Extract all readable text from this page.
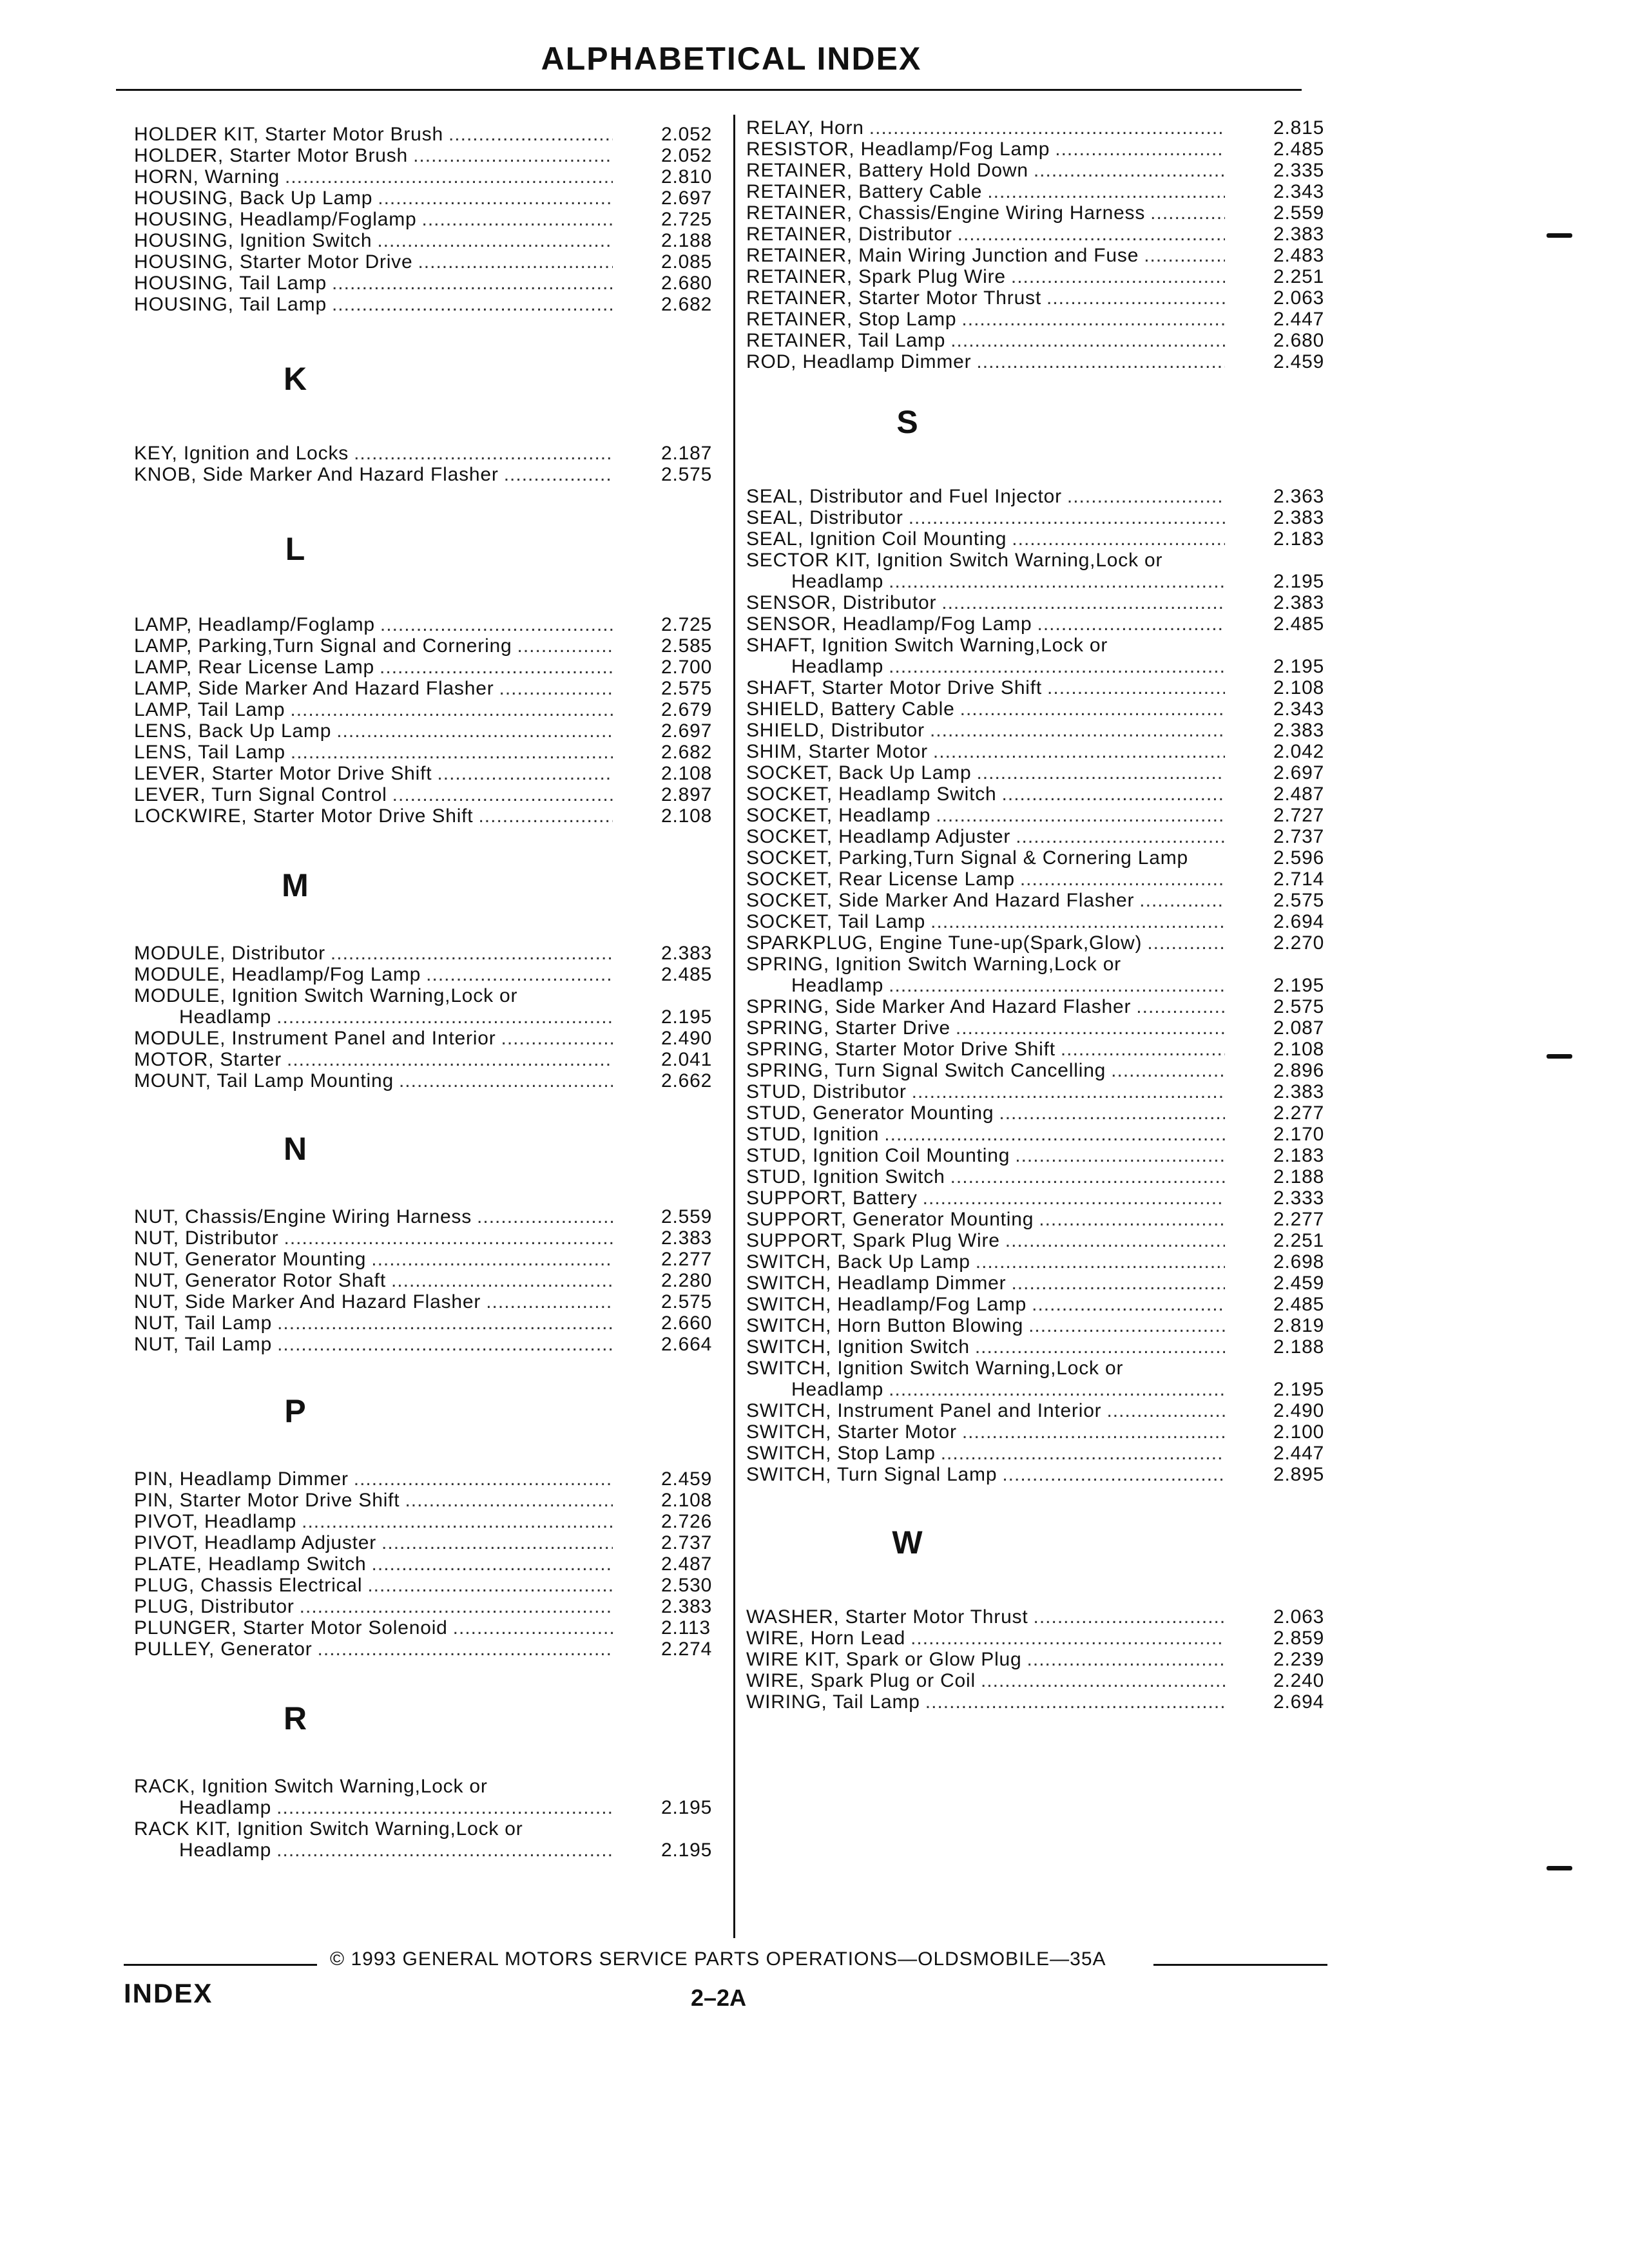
ALPHABETICAL INDEX
HOLDER KIT, Starter Motor Brush .....	2.052
HOLDER, Starter Motor Brush .....	2.052
HORN, Warning .....	2.810
HOUSING, Back Up Lamp .....	2.697
HOUSING, Headlamp/Foglamp .....	2.725
HOUSING, Ignition Switch .....	2.188
HOUSING, Starter Motor Drive .....	2.085
HOUSING, Tail Lamp .....	2.680
HOUSING, Tail Lamp .....	2.682
K
KEY, Ignition and Locks .....	2.187
KNOB, Side Marker And Hazard Flasher .....	2.575
L
LAMP, Headlamp/Foglamp .....	2.725
LAMP, Parking,Turn Signal and Cornering .....	2.585
LAMP, Rear License Lamp .....	2.700
LAMP, Side Marker And Hazard Flasher .....	2.575
LAMP, Tail Lamp .....	2.679
LENS, Back Up Lamp .....	2.697
LENS, Tail Lamp .....	2.682
LEVER, Starter Motor Drive Shift .....	2.108
LEVER, Turn Signal Control .....	2.897
LOCKWIRE, Starter Motor Drive Shift .....	2.108
M
MODULE, Distributor .....	2.383
MODULE, Headlamp/Fog Lamp .....	2.485
MODULE, Ignition Switch Warning,Lock or
Headlamp .....	2.195
MODULE, Instrument Panel and Interior .....	2.490
MOTOR, Starter .....	2.041
MOUNT, Tail Lamp Mounting .....	2.662
N
NUT, Chassis/Engine Wiring Harness .....	2.559
NUT, Distributor .....	2.383
NUT, Generator Mounting .....	2.277
NUT, Generator Rotor Shaft .....	2.280
NUT, Side Marker And Hazard Flasher .....	2.575
NUT, Tail Lamp .....	2.660
NUT, Tail Lamp .....	2.664
P
PIN, Headlamp Dimmer .....	2.459
PIN, Starter Motor Drive Shift .....	2.108
PIVOT, Headlamp .....	2.726
PIVOT, Headlamp Adjuster .....	2.737
PLATE, Headlamp Switch .....	2.487
PLUG, Chassis Electrical .....	2.530
PLUG, Distributor .....	2.383
PLUNGER, Starter Motor Solenoid .....	2.113
PULLEY, Generator .....	2.274
R
RACK, Ignition Switch Warning,Lock or
Headlamp .....	2.195
RACK KIT, Ignition Switch Warning,Lock or
Headlamp .....	2.195
RELAY, Horn .....	2.815
RESISTOR, Headlamp/Fog Lamp .....	2.485
RETAINER, Battery Hold Down .....	2.335
RETAINER, Battery Cable .....	2.343
RETAINER, Chassis/Engine Wiring Harness .....	2.559
RETAINER, Distributor .....	2.383
RETAINER, Main Wiring Junction and Fuse .....	2.483
RETAINER, Spark Plug Wire .....	2.251
RETAINER, Starter Motor Thrust .....	2.063
RETAINER, Stop Lamp .....	2.447
RETAINER, Tail Lamp .....	2.680
ROD, Headlamp Dimmer .....	2.459
S
SEAL, Distributor and Fuel Injector .....	2.363
SEAL, Distributor .....	2.383
SEAL, Ignition Coil Mounting .....	2.183
SECTOR KIT, Ignition Switch Warning,Lock or
Headlamp .....	2.195
SENSOR, Distributor .....	2.383
SENSOR, Headlamp/Fog Lamp .....	2.485
SHAFT, Ignition Switch Warning,Lock or
Headlamp .....	2.195
SHAFT, Starter Motor Drive Shift .....	2.108
SHIELD, Battery Cable .....	2.343
SHIELD, Distributor .....	2.383
SHIM, Starter Motor .....	2.042
SOCKET, Back Up Lamp .....	2.697
SOCKET, Headlamp Switch .....	2.487
SOCKET, Headlamp .....	2.727
SOCKET, Headlamp Adjuster .....	2.737
SOCKET, Parking,Turn Signal & Cornering Lamp	2.596
SOCKET, Rear License Lamp .....	2.714
SOCKET, Side Marker And Hazard Flasher .....	2.575
SOCKET, Tail Lamp .....	2.694
SPARKPLUG, Engine Tune-up(Spark,Glow) .....	2.270
SPRING, Ignition Switch Warning,Lock or
Headlamp .....	2.195
SPRING, Side Marker And Hazard Flasher .....	2.575
SPRING, Starter Drive .....	2.087
SPRING, Starter Motor Drive Shift .....	2.108
SPRING, Turn Signal Switch Cancelling .....	2.896
STUD, Distributor .....	2.383
STUD, Generator Mounting .....	2.277
STUD, Ignition .....	2.170
STUD, Ignition Coil Mounting .....	2.183
STUD, Ignition Switch .....	2.188
SUPPORT, Battery .....	2.333
SUPPORT, Generator Mounting .....	2.277
SUPPORT, Spark Plug Wire .....	2.251
SWITCH, Back Up Lamp .....	2.698
SWITCH, Headlamp Dimmer .....	2.459
SWITCH, Headlamp/Fog Lamp .....	2.485
SWITCH, Horn Button Blowing .....	2.819
SWITCH, Ignition Switch .....	2.188
SWITCH, Ignition Switch Warning,Lock or
Headlamp .....	2.195
SWITCH, Instrument Panel and Interior .....	2.490
SWITCH, Starter Motor .....	2.100
SWITCH, Stop Lamp .....	2.447
SWITCH, Turn Signal Lamp .....	2.895
W
WASHER, Starter Motor Thrust .....	2.063
WIRE, Horn Lead .....	2.859
WIRE KIT, Spark or Glow Plug .....	2.239
WIRE, Spark Plug or Coil .....	2.240
WIRING, Tail Lamp .....	2.694
© 1993 GENERAL MOTORS SERVICE PARTS OPERATIONS—OLDSMOBILE—35A
INDEX	2–2A
